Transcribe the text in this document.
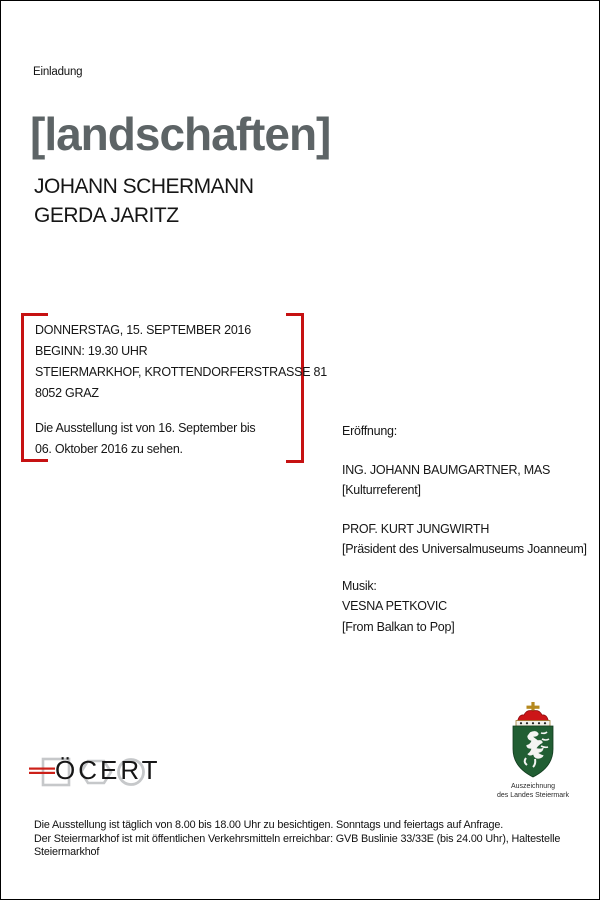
Einladung
[landschaften]
JOHANN SCHERMANN
GERDA JARITZ
DONNERSTAG, 15. SEPTEMBER 2016
BEGINN: 19.30 UHR
STEIERMARKHOF, KROTTENDORFERSTRASSE 81
8052 GRAZ
Die Ausstellung ist von 16. September bis
06. Oktober 2016 zu sehen.
Eröffnung:
ING. JOHANN BAUMGARTNER, MAS
[Kulturreferent]
PROF. KURT JUNGWIRTH
[Präsident des Universalmuseums Joanneum]
Musik:
VESNA PETKOVIC
[From Balkan to Pop]
ÖCERT
Auszeichnung
des Landes Steiermark
Die Ausstellung ist täglich von 8.00 bis 18.00 Uhr zu besichtigen. Sonntags und feiertags auf Anfrage.
Der Steiermarkhof ist mit öffentlichen Verkehrsmitteln erreichbar: GVB Buslinie 33/33E (bis 24.00 Uhr), Haltestelle Steiermarkhof
